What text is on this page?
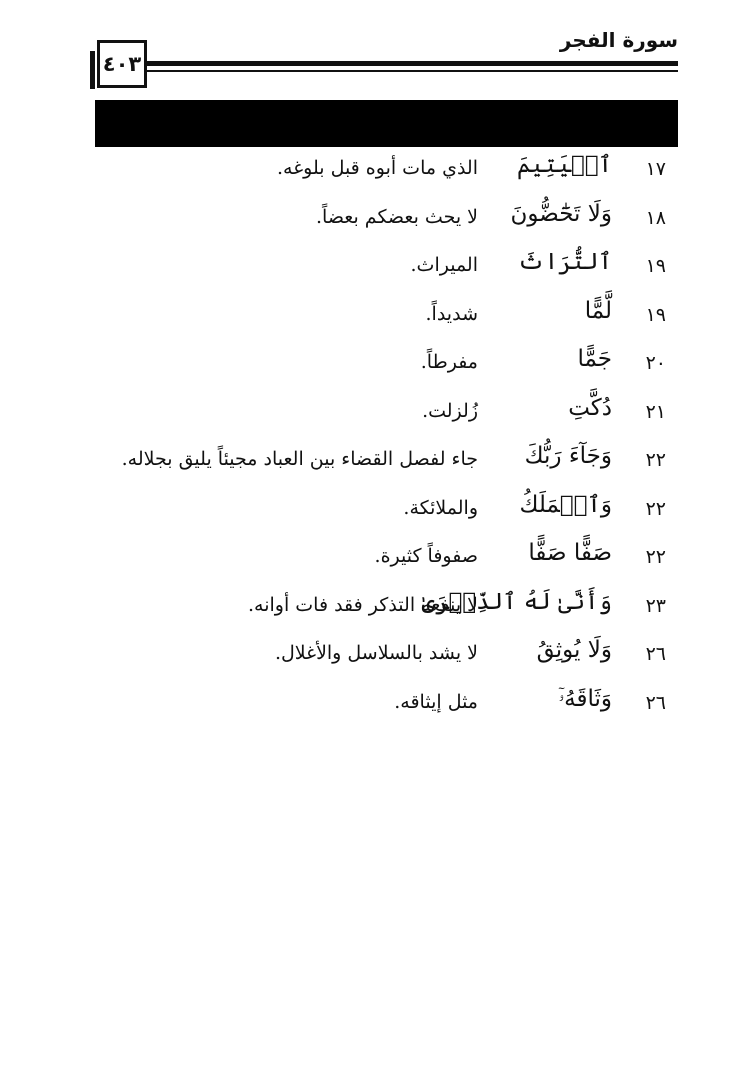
٤٠٣
سورة الفجر
١٧
ٱلۡيَتِيمَ
الذي مات أبوه قبل بلوغه.
١٨
وَلَا تَحَٰٓضُّونَ
لا يحث بعضكم بعضاً.
١٩
ٱلتُّرَاثَ
الميراث.
١٩
لَّمًّا
شديداً.
٢٠
جَمًّا
مفرطاً.
٢١
دُكَّتِ
زُلزلت.
٢٢
وَجَآءَ رَبُّكَ
جاء لفصل القضاء بين العباد مجيئاً يليق بجلاله.
٢٢
وَٱلۡمَلَكُ
والملائكة.
٢٢
صَفًّا صَفًّا
صفوفاً كثيرة.
٢٣
وَأَنَّىٰ لَهُ ٱلذِّكۡرَىٰ
لا ينفعه التذكر فقد فات أوانه.
٢٦
وَلَا يُوثِقُ
لا يشد بالسلاسل والأغلال.
٢٦
وَثَاقَهُۥٓ
مثل إيثاقه.
